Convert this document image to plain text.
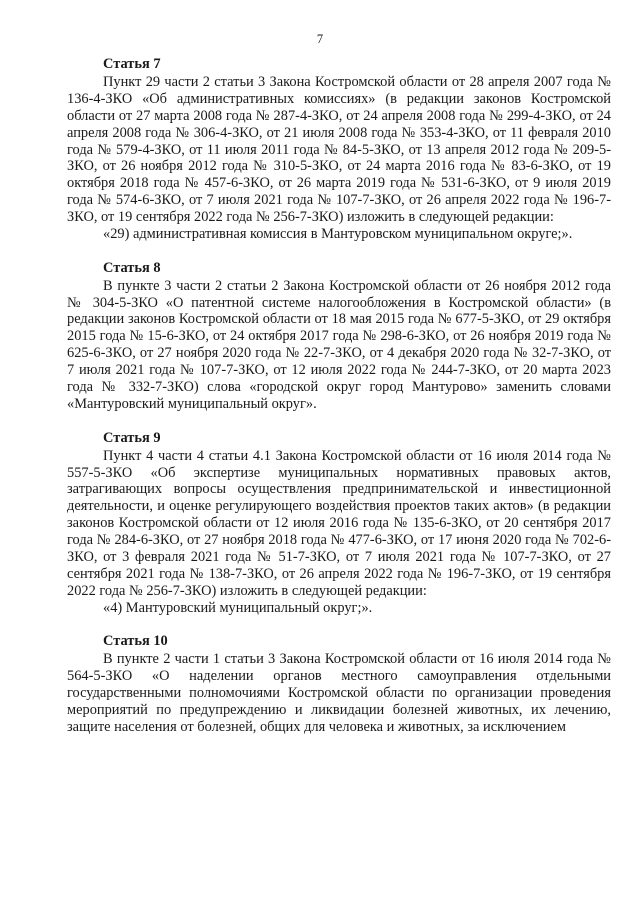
7
Статья 7

Пункт 29 части 2 статьи 3 Закона Костромской области от 28 апреля 2007 года № 136-4-ЗКО «Об административных комиссиях» (в редакции законов Костромской области от 27 марта 2008 года № 287-4-ЗКО, от 24 апреля 2008 года № 299-4-ЗКО, от 24 апреля 2008 года № 306-4-ЗКО, от 21 июля 2008 года № 353-4-ЗКО, от 11 февраля 2010 года № 579-4-ЗКО, от 11 июля 2011 года № 84-5-ЗКО, от 13 апреля 2012 года № 209-5-ЗКО, от 26 ноября 2012 года № 310-5-ЗКО, от 24 марта 2016 года № 83-6-ЗКО, от 19 октября 2018 года № 457-6-ЗКО, от 26 марта 2019 года № 531-6-ЗКО, от 9 июля 2019 года № 574-6-ЗКО, от 7 июля 2021 года № 107-7-ЗКО, от 26 апреля 2022 года № 196-7-ЗКО, от 19 сентября 2022 года № 256-7-ЗКО) изложить в следующей редакции:

«29) административная комиссия в Мантуровском муниципальном округе;».

Статья 8

В пункте 3 части 2 статьи 2 Закона Костромской области от 26 ноября 2012 года № 304-5-ЗКО «О патентной системе налогообложения в Костромской области» (в редакции законов Костромской области от 18 мая 2015 года № 677-5-ЗКО, от 29 октября 2015 года № 15-6-ЗКО, от 24 октября 2017 года № 298-6-ЗКО, от 26 ноября 2019 года № 625-6-ЗКО, от 27 ноября 2020 года № 22-7-ЗКО, от 4 декабря 2020 года № 32-7-ЗКО, от 7 июля 2021 года № 107-7-ЗКО, от 12 июля 2022 года № 244-7-ЗКО, от 20 марта 2023 года № 332-7-ЗКО) слова «городской округ город Мантурово» заменить словами «Мантуровский муниципальный округ».

Статья 9

Пункт 4 части 4 статьи 4.1 Закона Костромской области от 16 июля 2014 года № 557-5-ЗКО «Об экспертизе муниципальных нормативных правовых актов, затрагивающих вопросы осуществления предпринимательской и инвестиционной деятельности, и оценке регулирующего воздействия проектов таких актов» (в редакции законов Костромской области от 12 июля 2016 года № 135-6-ЗКО, от 20 сентября 2017 года № 284-6-ЗКО, от 27 ноября 2018 года № 477-6-ЗКО, от 17 июня 2020 года № 702-6-ЗКО, от 3 февраля 2021 года № 51-7-ЗКО, от 7 июля 2021 года № 107-7-ЗКО, от 27 сентября 2021 года № 138-7-ЗКО, от 26 апреля 2022 года № 196-7-ЗКО, от 19 сентября 2022 года № 256-7-ЗКО) изложить в следующей редакции:

«4) Мантуровский муниципальный округ;».

Статья 10

В пункте 2 части 1 статьи 3 Закона Костромской области от 16 июля 2014 года № 564-5-ЗКО «О наделении органов местного самоуправления отдельными государственными полномочиями Костромской области по организации проведения мероприятий по предупреждению и ликвидации болезней животных, их лечению, защите населения от болезней, общих для человека и животных, за исключением
